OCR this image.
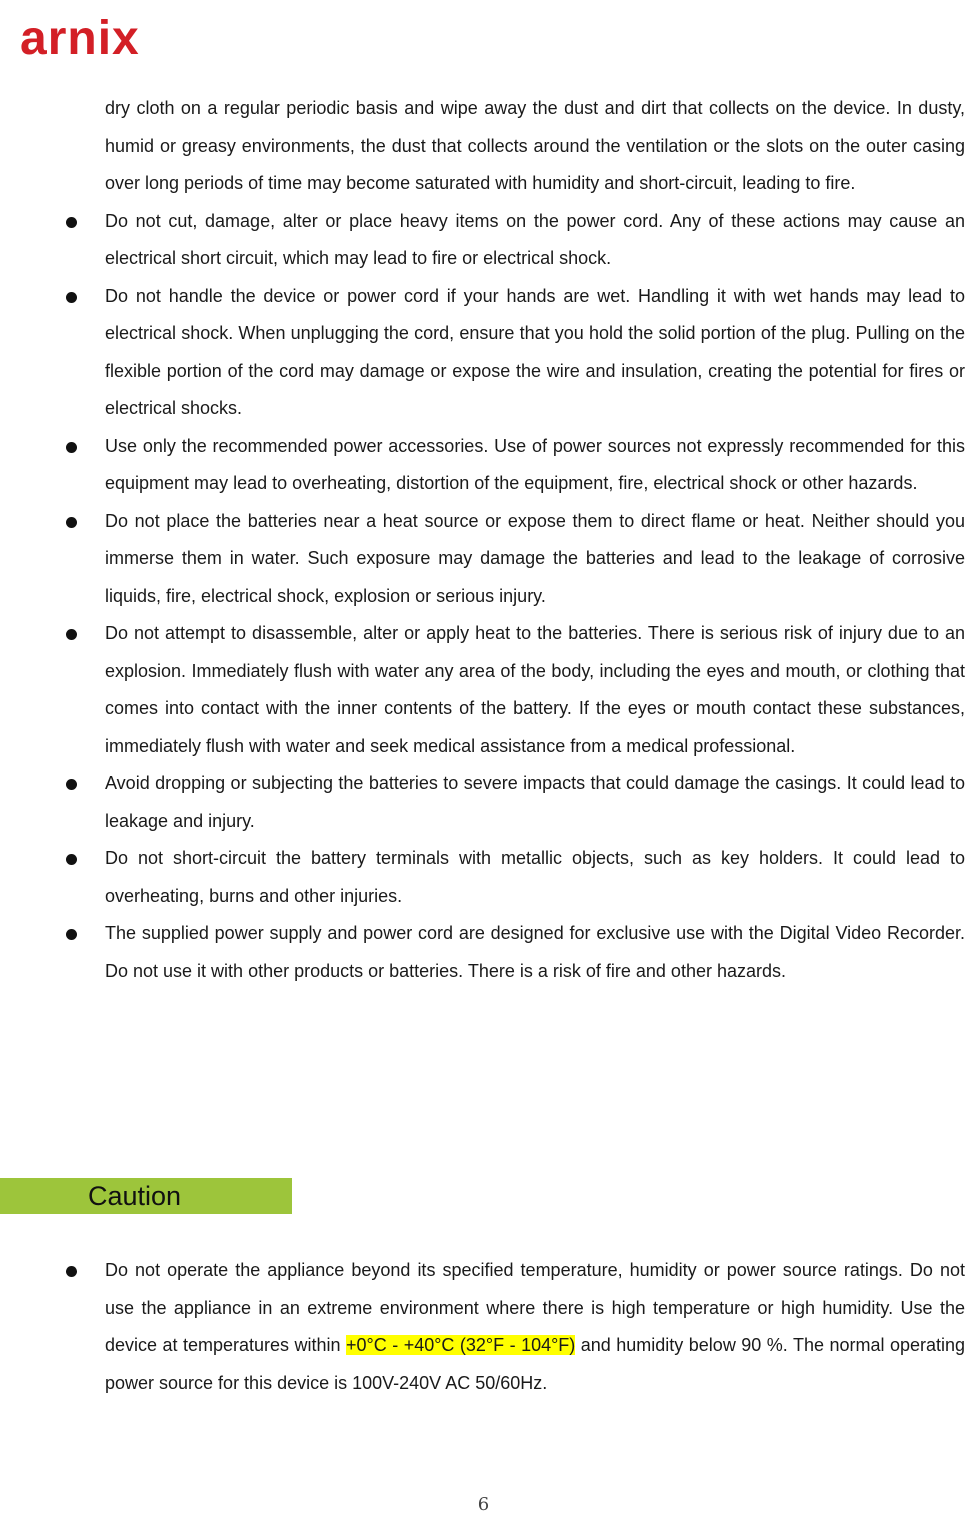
arnix
dry cloth on a regular periodic basis and wipe away the dust and dirt that collects on the device. In dusty, humid or greasy environments, the dust that collects around the ventilation or the slots on the outer casing over long periods of time may become saturated with humidity and short-circuit, leading to fire.
Do not cut, damage, alter or place heavy items on the power cord. Any of these actions may cause an electrical short circuit, which may lead to fire or electrical shock.
Do not handle the device or power cord if your hands are wet. Handling it with wet hands may lead to electrical shock. When unplugging the cord, ensure that you hold the solid portion of the plug. Pulling on the flexible portion of the cord may damage or expose the wire and insulation, creating the potential for fires or electrical shocks.
Use only the recommended power accessories. Use of power sources not expressly recommended for this equipment may lead to overheating, distortion of the equipment, fire, electrical shock or other hazards.
Do not place the batteries near a heat source or expose them to direct flame or heat. Neither should you immerse them in water. Such exposure may damage the batteries and lead to the leakage of corrosive liquids, fire, electrical shock, explosion or serious injury.
Do not attempt to disassemble, alter or apply heat to the batteries. There is serious risk of injury due to an explosion. Immediately flush with water any area of the body, including the eyes and mouth, or clothing that comes into contact with the inner contents of the battery. If the eyes or mouth contact these substances, immediately flush with water and seek medical assistance from a medical professional.
Avoid dropping or subjecting the batteries to severe impacts that could damage the casings. It could lead to leakage and injury.
Do not short-circuit the battery terminals with metallic objects, such as key holders. It could lead to overheating, burns and other injuries.
The supplied power supply and power cord are designed for exclusive use with the Digital Video Recorder. Do not use it with other products or batteries. There is a risk of fire and other hazards.
Caution
Do not operate the appliance beyond its specified temperature, humidity or power source ratings. Do not use the appliance in an extreme environment where there is high temperature or high humidity. Use the device at temperatures within +0°C - +40°C (32°F - 104°F) and humidity below 90 %. The normal operating power source for this device is 100V-240V AC 50/60Hz.
6
